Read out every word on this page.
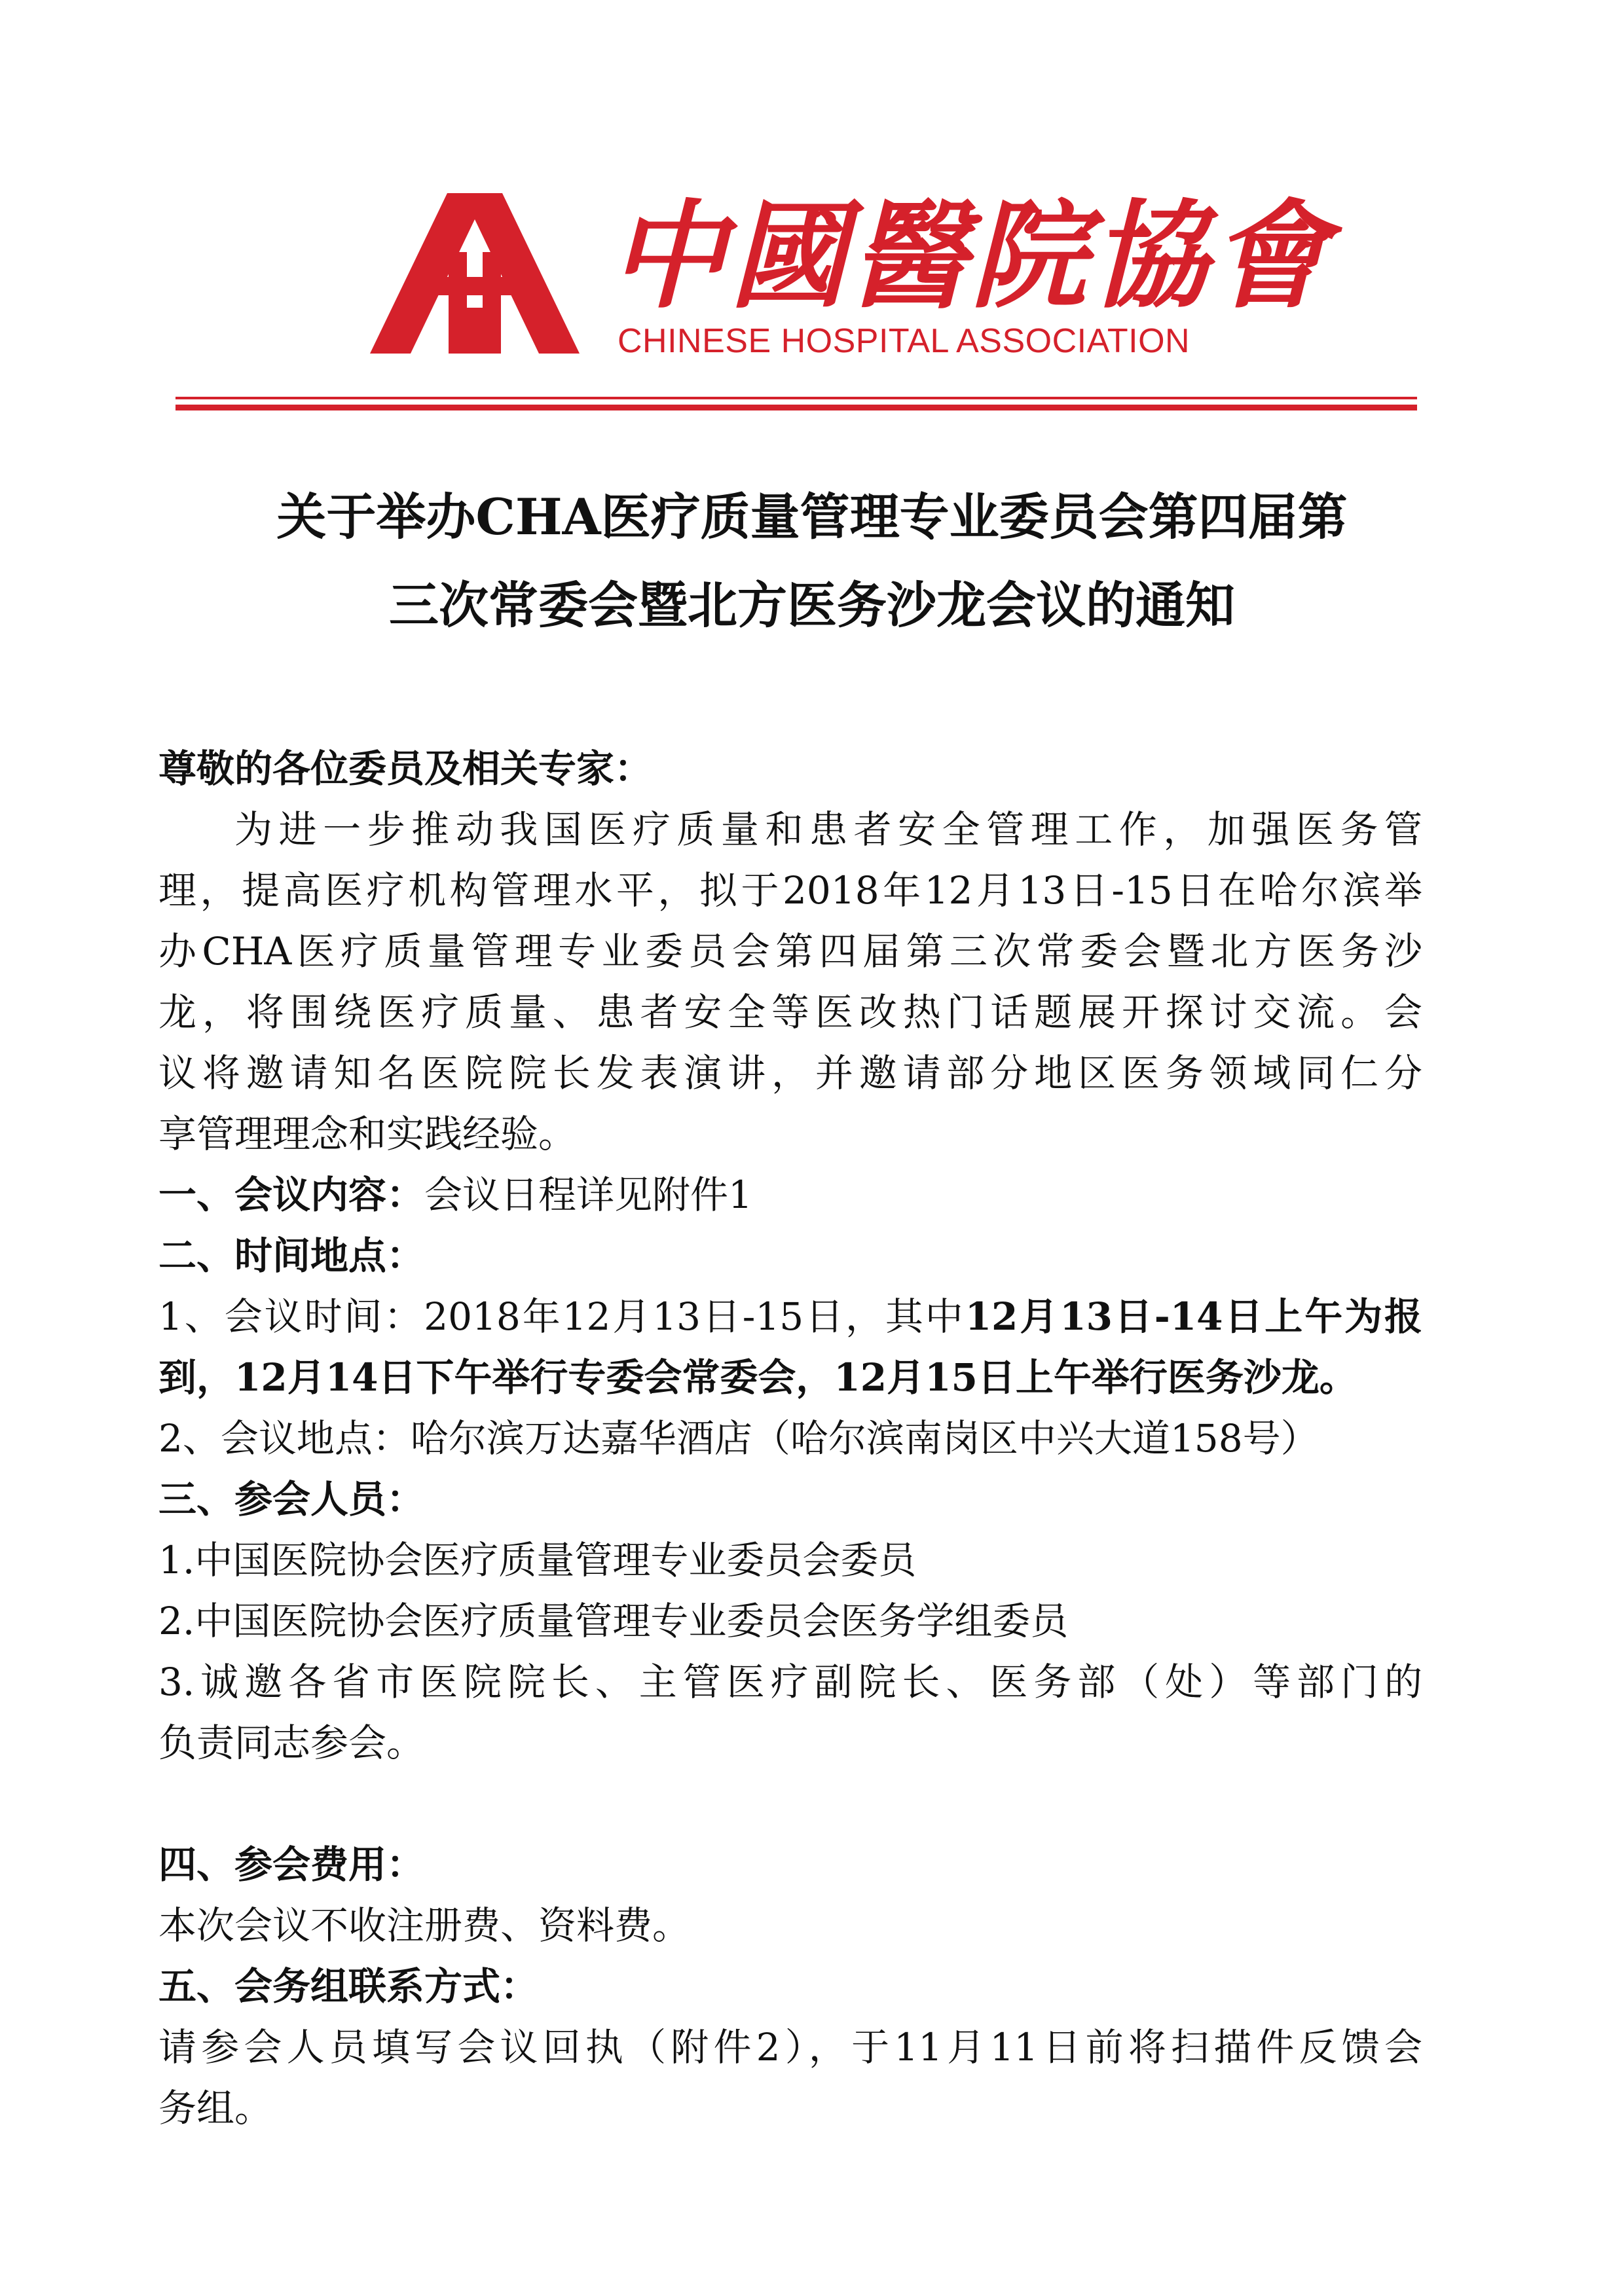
中國醫院協會
CHINESE HOSPITAL ASSOCIATION
关于举办CHA医疗质量管理专业委员会第四届第
三次常委会暨北方医务沙龙会议的通知
尊敬的各位委员及相关专家：
为进一步推动我国医疗质量和患者安全管理工作，加强医务管
理，提高医疗机构管理水平，拟于2018年12月13日-15日在哈尔滨举
办CHA医疗质量管理专业委员会第四届第三次常委会暨北方医务沙
龙，将围绕医疗质量、患者安全等医改热门话题展开探讨交流。会
议将邀请知名医院院长发表演讲，并邀请部分地区医务领域同仁分
享管理理念和实践经验。
一、会议内容：会议日程详见附件1
二、时间地点：
1、会议时间：2018年12月13日-15日，其中12月13日-14日上午为报
到，12月14日下午举行专委会常委会，12月15日上午举行医务沙龙。
2、会议地点：哈尔滨万达嘉华酒店（哈尔滨南岗区中兴大道158号）
三、参会人员：
1.中国医院协会医疗质量管理专业委员会委员
2.中国医院协会医疗质量管理专业委员会医务学组委员
3.诚邀各省市医院院长、主管医疗副院长、医务部（处）等部门的
负责同志参会。
四、参会费用：
本次会议不收注册费、资料费。
五、会务组联系方式：
请参会人员填写会议回执（附件2），于11月11日前将扫描件反馈会
务组。
